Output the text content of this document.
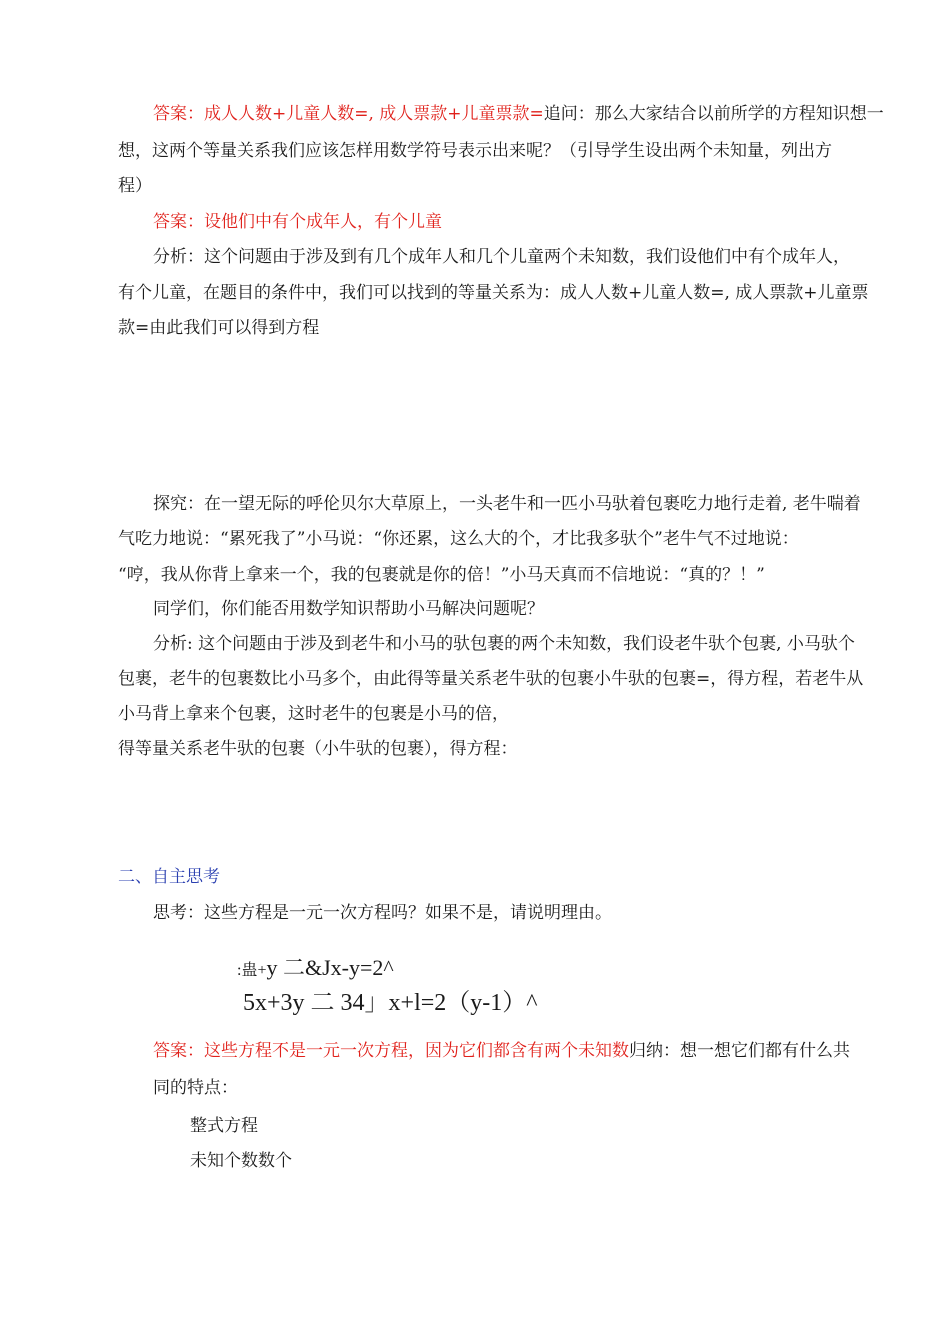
答案：成人人数+儿童人数=, 成人票款+儿童票款=追问：那么大家结合以前所学的方程知识想一
想，这两个等量关系我们应该怎样用数学符号表示出来呢？（引导学生设出两个未知量，列出方
程）
答案：设他们中有个成年人，有个儿童
分析：这个问题由于涉及到有几个成年人和几个儿童两个未知数，我们设他们中有个成年人，
有个儿童，在题目的条件中，我们可以找到的等量关系为：成人人数+儿童人数=, 成人票款+儿童票
款=由此我们可以得到方程
探究：在一望无际的呼伦贝尔大草原上，一头老牛和一匹小马驮着包裹吃力地行走着, 老牛喘着
气吃力地说：“累死我了”小马说：“你还累，这么大的个，才比我多驮个”老牛气不过地说：
“哼，我从你背上拿来一个，我的包裹就是你的倍！”小马天真而不信地说：“真的？！”
同学们，你们能否用数学知识帮助小马解决问题呢？
分析: 这个问题由于涉及到老牛和小马的驮包裹的两个未知数，我们设老牛驮个包裹, 小马驮个
包裹，老牛的包裹数比小马多个，由此得等量关系老牛驮的包裹小牛驮的包裹=，得方程，若老牛从
小马背上拿来个包裹，这时老牛的包裹是小马的倍，
得等量关系老牛驮的包裹（小牛驮的包裹），得方程：
二、自主思考
思考：这些方程是一元一次方程吗？如果不是，请说明理由。
:蛊+y 二&Jx-y=2^
5x+3y 二 34」x+l=2（y-1）^
答案：这些方程不是一元一次方程，因为它们都含有两个未知数归纳：想一想它们都有什么共
同的特点：
整式方程
未知个数数个
